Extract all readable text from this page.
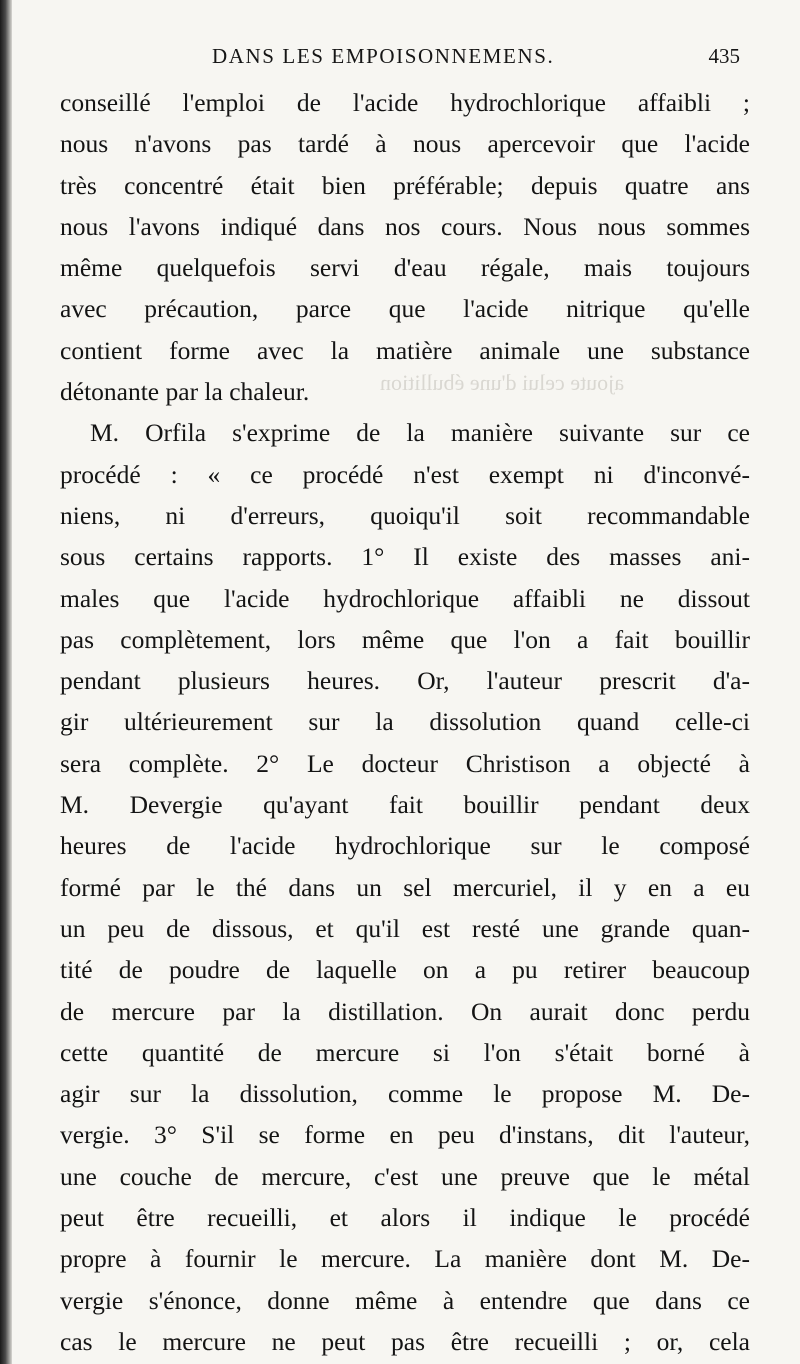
ajoute celui d'une ébullition
DANS LES EMPOISONNEMENS.	435
conseillé l'emploi de l'acide hydrochlorique affaibli ;
nous n'avons pas tardé à nous apercevoir que l'acide
très concentré était bien préférable; depuis quatre ans
nous l'avons indiqué dans nos cours. Nous nous sommes
même quelquefois servi d'eau régale, mais toujours
avec précaution, parce que l'acide nitrique qu'elle
contient forme avec la matière animale une substance
détonante par la chaleur.
M. Orfila s'exprime de la manière suivante sur ce
procédé : « ce procédé n'est exempt ni d'inconvé-
niens, ni d'erreurs, quoiqu'il soit recommandable
sous certains rapports. 1° Il existe des masses ani-
males que l'acide hydrochlorique affaibli ne dissout
pas complètement, lors même que l'on a fait bouillir
pendant plusieurs heures. Or, l'auteur prescrit d'a-
gir ultérieurement sur la dissolution quand celle-ci
sera complète. 2° Le docteur Christison a objecté à
M. Devergie qu'ayant fait bouillir pendant deux
heures de l'acide hydrochlorique sur le composé
formé par le thé dans un sel mercuriel, il y en a eu
un peu de dissous, et qu'il est resté une grande quan-
tité de poudre de laquelle on a pu retirer beaucoup
de mercure par la distillation. On aurait donc perdu
cette quantité de mercure si l'on s'était borné à
agir sur la dissolution, comme le propose M. De-
vergie. 3° S'il se forme en peu d'instans, dit l'auteur,
une couche de mercure, c'est une preuve que le métal
peut être recueilli, et alors il indique le procédé
propre à fournir le mercure. La manière dont M. De-
vergie s'énonce, donne même à entendre que dans ce
cas le mercure ne peut pas être recueilli ; or, cela
